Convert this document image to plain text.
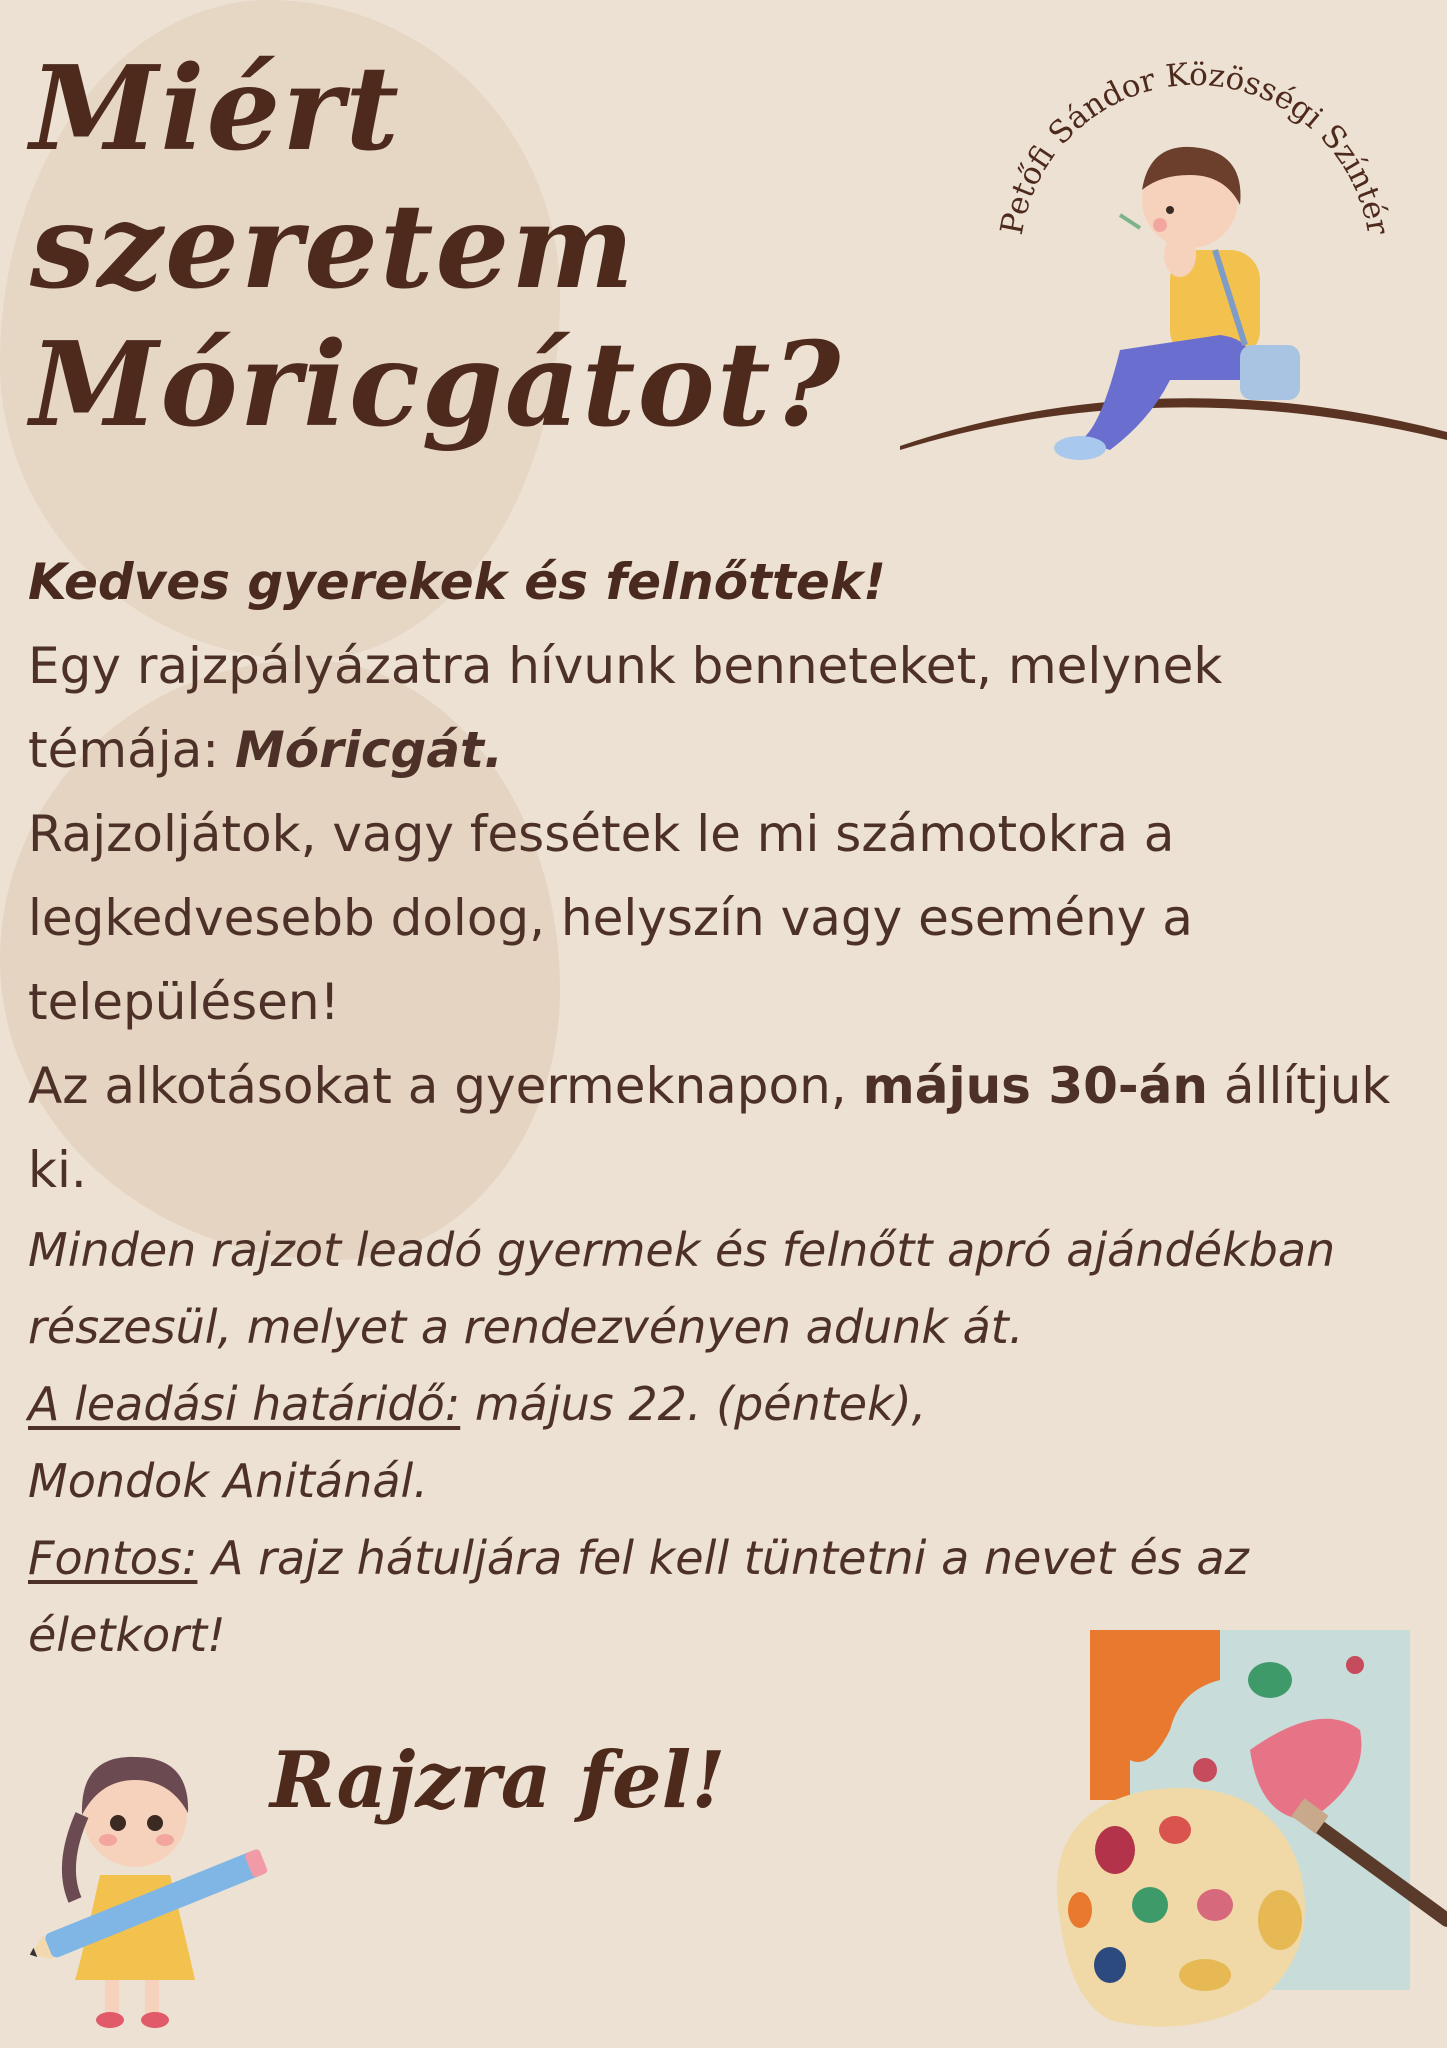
Miért
szeretem
Móricgátot?
Petőfi Sándor Közösségi Színtér

Kedves gyerekek és felnőttek!

Egy rajzpályázatra hívunk benneteket, melynek témája: Móricgát.

Rajzoljátok, vagy fessétek le mi számotokra a legkedvesebb dolog, helyszín vagy esemény a településen!

Az alkotásokat a gyermeknapon, május 30-án állítjuk ki.

Minden rajzot leadó gyermek és felnőtt apró ajándékban részesül, melyet a rendezvényen adunk át.

A leadási határidő: május 22. (péntek),
Mondok Anitánál.

Fontos: A rajz hátuljára fel kell tüntetni a nevet és az életkort!

Rajzra fel!
